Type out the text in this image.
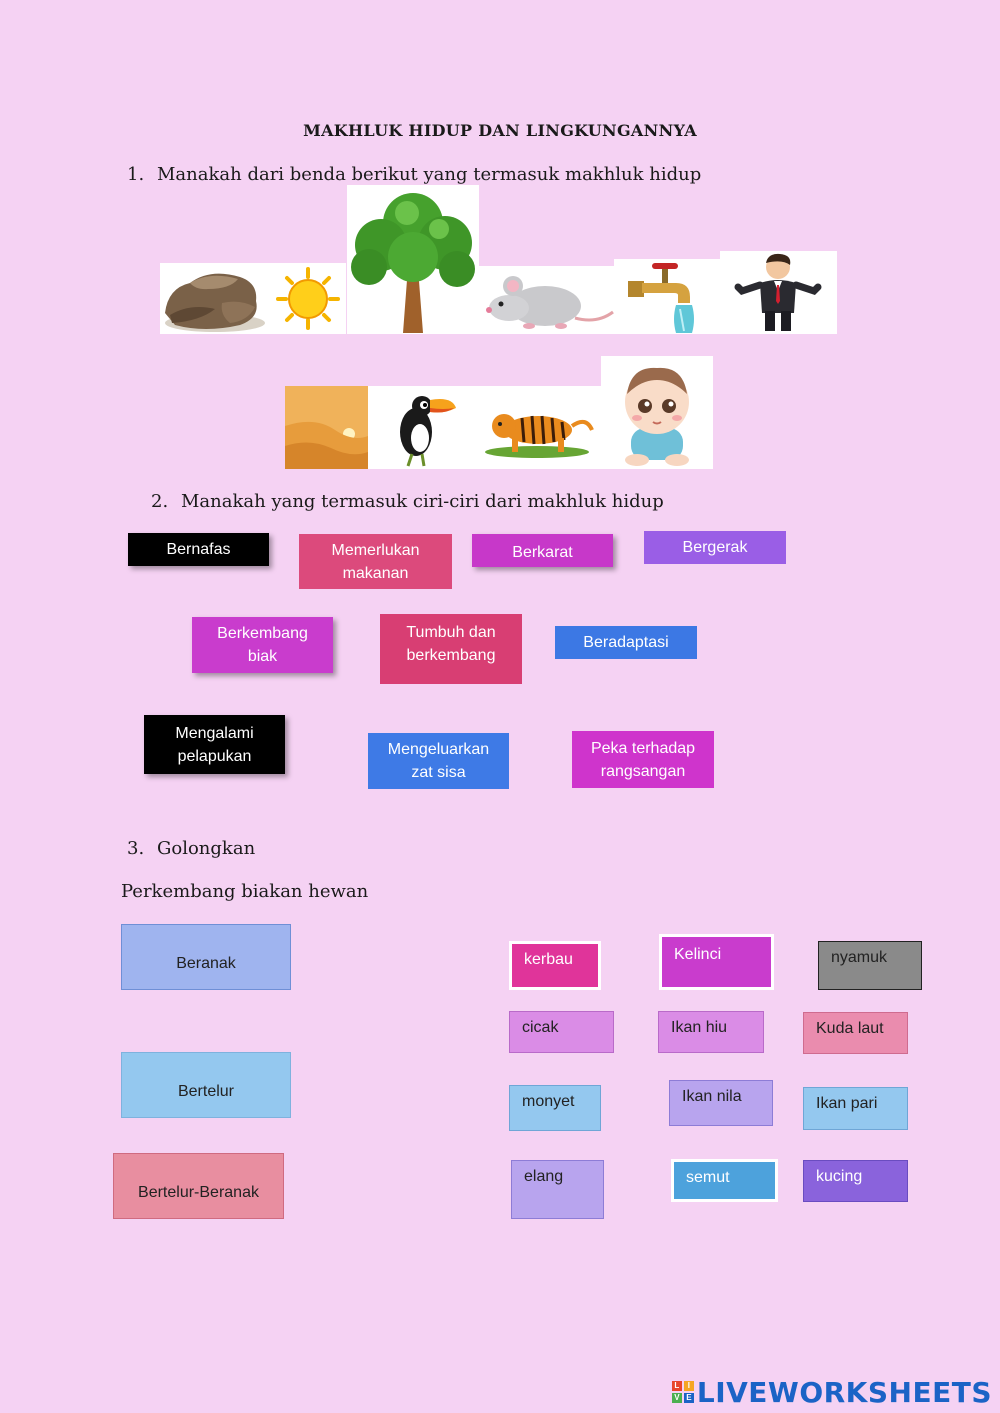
MAKHLUK HIDUP DAN LINGKUNGANNYA
1. Manakah dari benda berikut yang termasuk makhluk hidup
2. Manakah yang termasuk ciri-ciri dari makhluk hidup
Bernafas	Memerlukan
makanan
Berkarat	Bergerak
Berkembang
biak
Tumbuh dan
berkembang
Beradaptasi
Mengalami
pelapukan	Mengeluarkan
zat sisa
Peka terhadap
rangsangan
3. Golongkan
Perkembang biakan hewan
Beranak
Bertelur
Bertelur-Beranak
kerbau	Kelinci	nyamuk
cicak	Ikan hiu	Kuda laut
monyet	Ikan nila	Ikan pari
elang	semut	kucing
L	I
V E LIVEWORKSHEETS
